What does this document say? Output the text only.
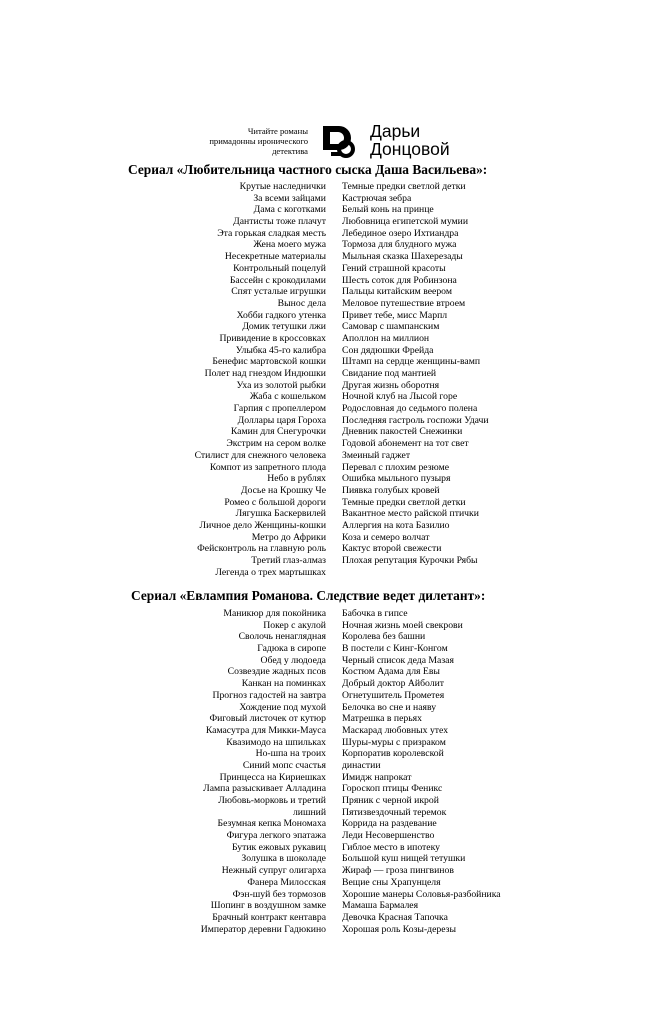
Читайте романы
примадонны иронического
детектива
Дарьи
Донцовой
Сериал «Любительница частного сыска Даша Васильева»:
Крутые наследнички
За всеми зайцами
Дама с коготками
Дантисты тоже плачут
Эта горькая сладкая месть
Жена моего мужа
Несекретные материалы
Контрольный поцелуй
Бассейн с крокодилами
Спят усталые игрушки
Вынос дела
Хобби гадкого утенка
Домик тетушки лжи
Привидение в кроссовках
Улыбка 45-го калибра
Бенефис мартовской кошки
Полет над гнездом Индюшки
Уха из золотой рыбки
Жаба с кошельком
Гарпия с пропеллером
Доллары царя Гороха
Камин для Снегурочки
Экстрим на сером волке
Стилист для снежного человека
Компот из запретного плода
Небо в рублях
Досье на Крошку Че
Ромео с большой дороги
Лягушка Баскервилей
Личное дело Женщины-кошки
Метро до Африки
Фейсконтроль на главную роль
Третий глаз-алмаз
Легенда о трех мартышках
Темные предки светлой детки
Кастрючая зебра
Белый конь на принце
Любовница египетской мумии
Лебединое озеро Ихтиандра
Тормоза для блудного мужа
Мыльная сказка Шахерезады
Гений страшной красоты
Шесть соток для Робинзона
Пальцы китайским веером
Меловое путешествие втроем
Привет тебе, мисс Марпл
Самовар с шампанским
Аполлон на миллион
Сон дядюшки Фрейда
Штамп на сердце женщины-вамп
Свидание под мантией
Другая жизнь оборотня
Ночной клуб на Лысой горе
Родословная до седьмого полена
Последняя гастроль госпожи Удачи
Дневник пакостей Снежинки
Годовой абонемент на тот свет
Змеиный гаджет
Перевал с плохим резюме
Ошибка мыльного пузыря
Пиявка голубых кровей
Темные предки светлой детки
Вакантное место райской птички
Аллергия на кота Базилио
Коза и семеро волчат
Кактус второй свежести
Плохая репутация Курочки Рябы
Сериал «Евлампия Романова. Следствие ведет дилетант»:
Маникюр для покойника
Покер с акулой
Сволочь ненаглядная
Гадюка в сиропе
Обед у людоеда
Созвездие жадных псов
Канкан на поминках
Прогноз гадостей на завтра
Хождение под мухой
Фиговый листочек от кутюр
Камасутра для Микки-Мауса
Квазимодо на шпильках
Но-шпа на троих
Синий мопс счастья
Принцесса на Кириешках
Лампа разыскивает Алладина
Любовь-морковь и третий
лишний
Безумная кепка Мономаха
Фигура легкого эпатажа
Бутик ежовых рукавиц
Золушка в шоколаде
Нежный супруг олигарха
Фанера Милосская
Фэн-шуй без тормозов
Шопинг в воздушном замке
Брачный контракт кентавра
Император деревни Гадюкино
Бабочка в гипсе
Ночная жизнь моей свекрови
Королева без башни
В постели с Кинг-Конгом
Черный список деда Мазая
Костюм Адама для Евы
Добрый доктор Айболит
Огнетушитель Прометея
Белочка во сне и наяву
Матрешка в перьях
Маскарад любовных утех
Шуры-муры с призраком
Корпоратив королевской
династии
Имидж напрокат
Гороскоп птицы Феникс
Пряник с черной икрой
Пятизвездочный теремок
Коррида на раздевание
Леди Несовершенство
Гиблое место в ипотеку
Большой куш нищей тетушки
Жираф — гроза пингвинов
Вещие сны Храпунцеля
Хорошие манеры Соловья-разбойника
Мамаша Бармалея
Девочка Красная Тапочка
Хорошая роль Козы-дерезы
